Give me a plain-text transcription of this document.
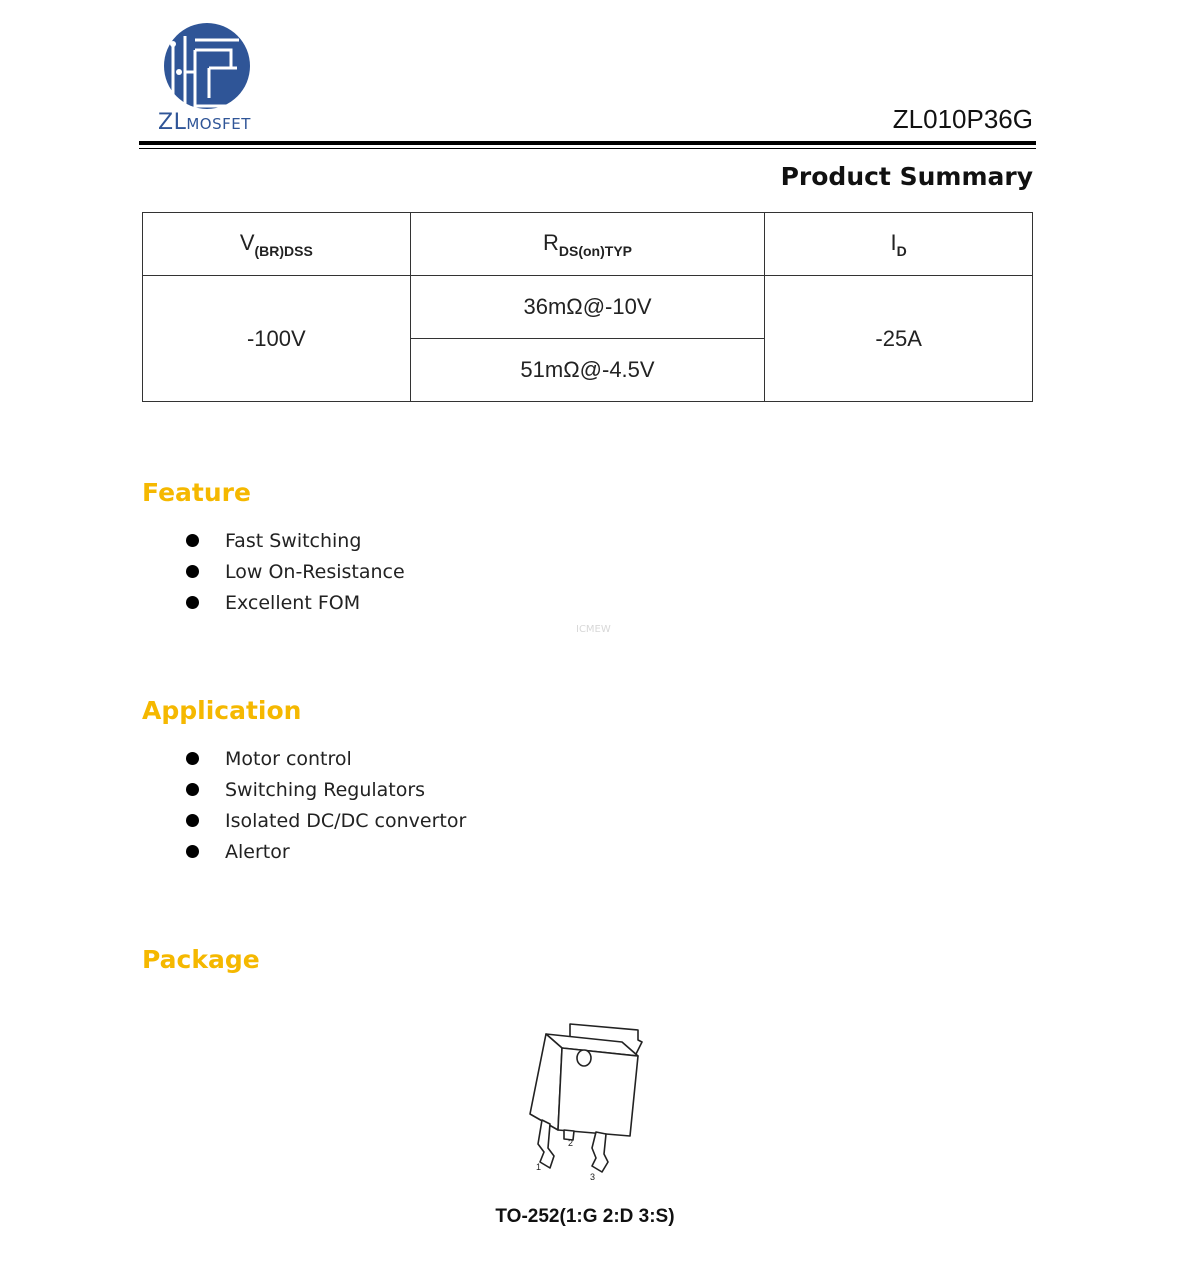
ZLMOSFET	ZL010P36G
Product Summary
$V_{(BR)DSS}$	$R_{DS(on)TYP}$	$I_D$
-100V	36mΩ@-10V	-25A
	51mΩ@-4.5V	
Feature
Fast Switching
Low On-Resistance
Excellent FOM
ICMEW
Application
Motor control
Switching Regulators
Isolated DC/DC convertor
Alertor
Package
1
2
3
TO-252(1:G 2:D 3:S)
